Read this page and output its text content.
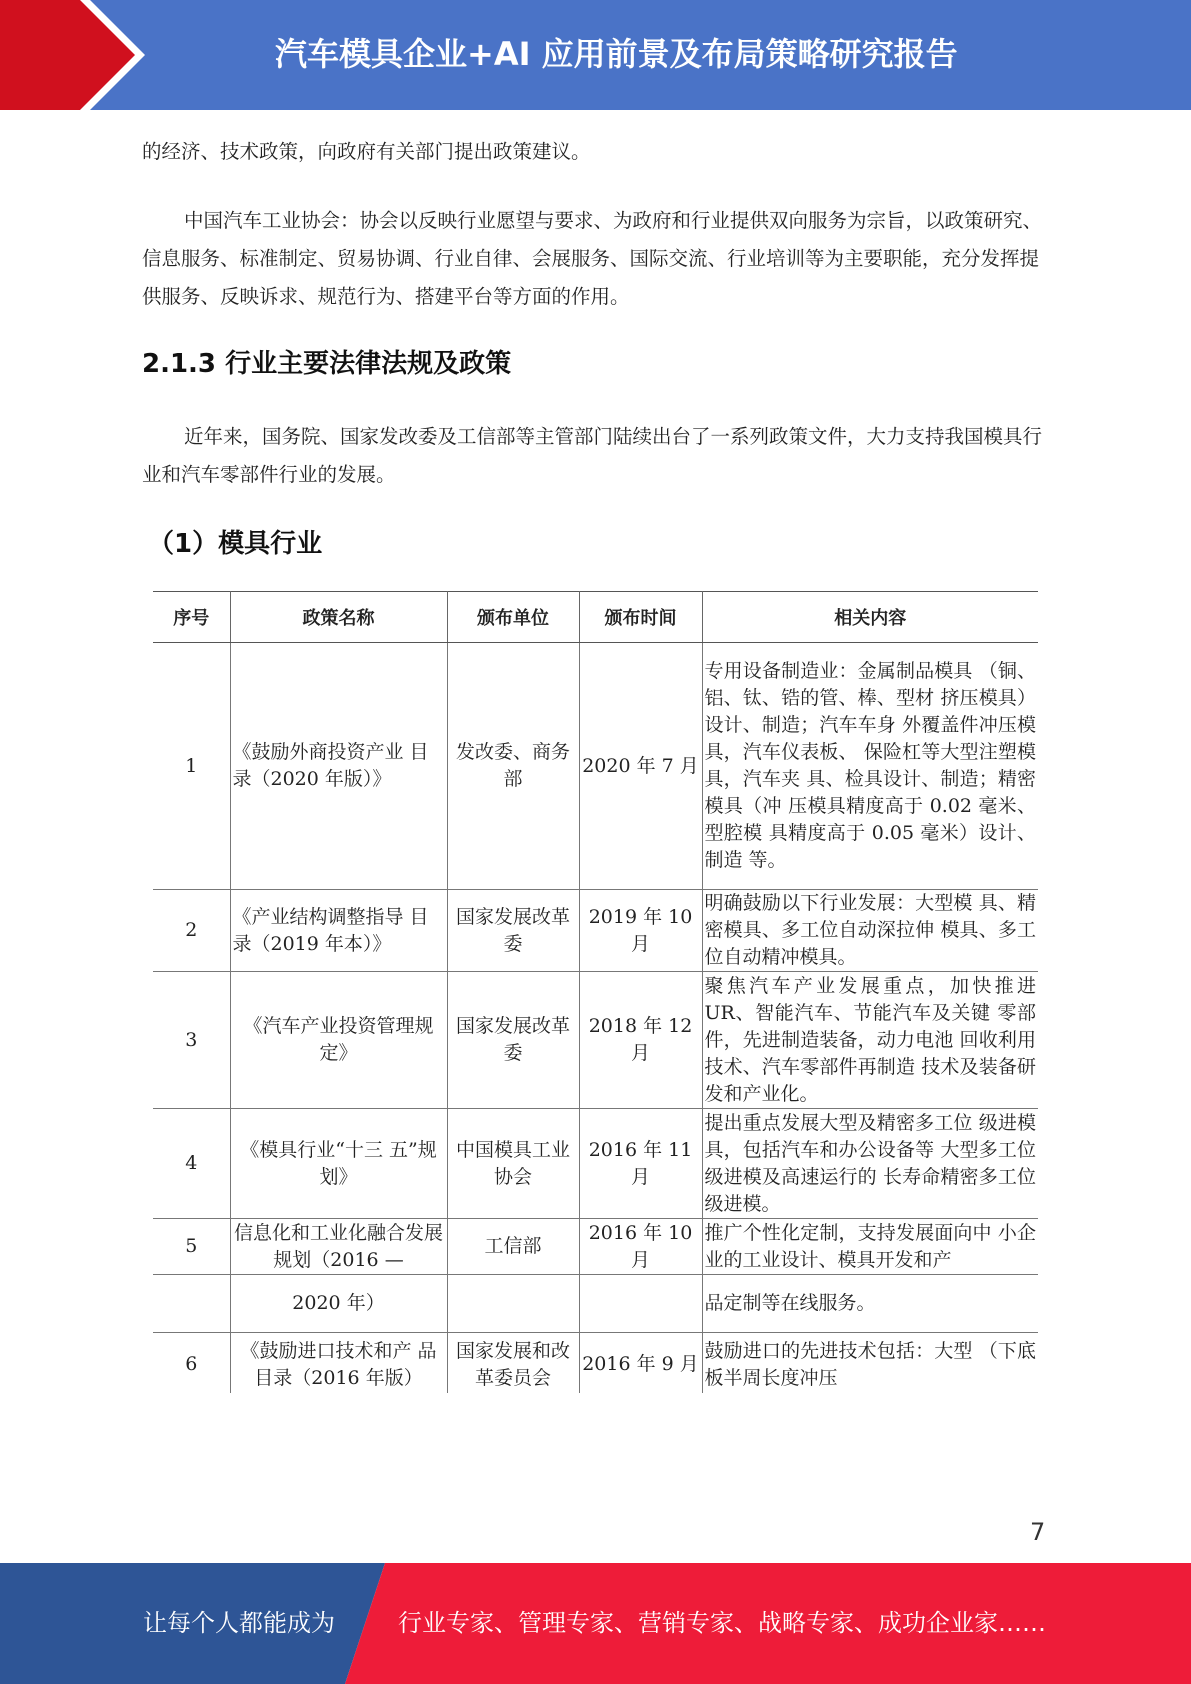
汽车模具企业+AI 应用前景及布局策略研究报告

的经济、技术政策，向政府有关部门提出政策建议。

中国汽车工业协会：协会以反映行业愿望与要求、为政府和行业提供双向服务为宗旨，以政策研究、信息服务、标准制定、贸易协调、行业自律、会展服务、国际交流、行业培训等为主要职能，充分发挥提供服务、反映诉求、规范行为、搭建平台等方面的作用。

2.1.3 行业主要法律法规及政策

近年来，国务院、国家发改委及工信部等主管部门陆续出台了一系列政策文件，大力支持我国模具行业和汽车零部件行业的发展。

（1）模具行业
序号	政策名称	颁布单位	颁布时间	相关内容
1	《鼓励外商投资产业 目录（2020 年版）》	发改委、商务部	2020 年 7 月	专用设备制造业：金属制品模具 （铜、铝、钛、锆的管、棒、型材 挤压模具）设计、制造；汽车车身 外覆盖件冲压模具，汽车仪表板、 保险杠等大型注塑模具，汽车夹 具、检具设计、制造；精密模具（冲 压模具精度高于 0.02 毫米、型腔模 具精度高于 0.05 毫米）设计、制造 等。
2	《产业结构调整指导 目录（2019 年本）》	国家发展改革委	2019 年 10 月	明确鼓励以下行业发展：大型模 具、精密模具、多工位自动深拉伸 模具、多工位自动精冲模具。
3	《汽车产业投资管理规定》	国家发展改革委	2018 年 12 月	聚焦汽车产业发展重点，加快推进 UR、智能汽车、节能汽车及关键 零部件，先进制造装备，动力电池 回收利用技术、汽车零部件再制造 技术及装备研发和产业化。
4	《模具行业“十三 五”规划》	中国模具工业协会	2016 年 11 月	提出重点发展大型及精密多工位 级进模具，包括汽车和办公设备等 大型多工位级进模及高速运行的 长寿命精密多工位级进模。
5	信息化和工业化融合发展规划（2016 —	工信部	2016 年 10 月	推广个性化定制，支持发展面向中 小企业的工业设计、模具开发和产
	2020 年）			品定制等在线服务。
6	《鼓励进口技术和产 品目录（2016 年版）	国家发展和改革委员会	2016 年 9 月	鼓励进口的先进技术包括：大型 （下底板半周长度冲压
7
让每个人都能成为	行业专家、管理专家、营销专家、战略专家、成功企业家……
